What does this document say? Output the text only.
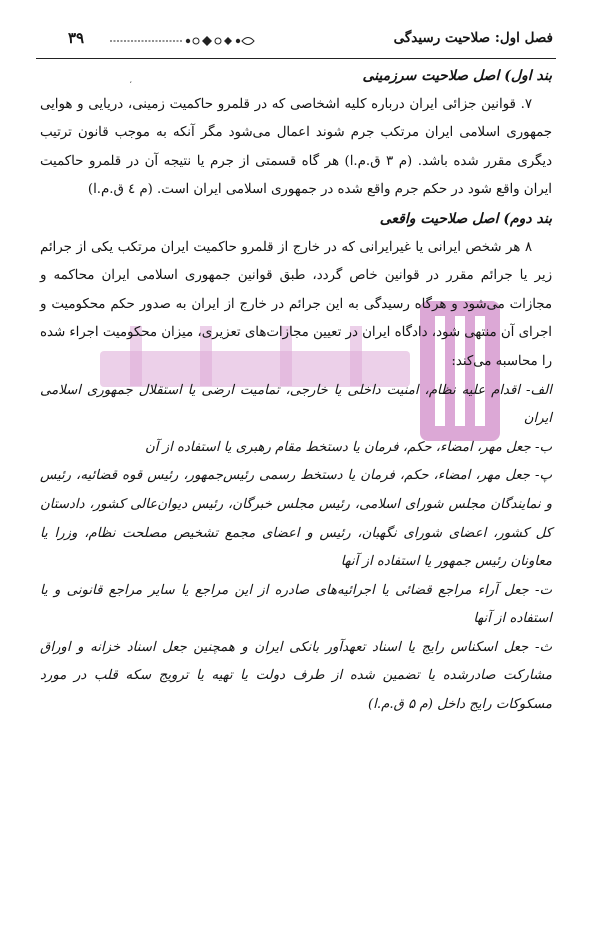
فصل اول: صلاحیت رسیدگی
۳۹
،	بند اول) اصل صلاحیت سرزمینی

۷. قوانین جزائی ایران درباره کلیه اشخاصی که در قلمرو حاکمیت زمینی، دریایی و هوایی جمهوری اسلامی ایران مرتکب جرم شوند اعمال می‌شود مگر آنکه به موجب قانون ترتیب دیگری مقرر شده باشد. (م ۳ ق.م.ا) هر گاه قسمتی از جرم یا نتیجه آن در قلمرو حاکمیت ایران واقع شود در حکم جرم واقع شده در جمهوری اسلامی ایران است. (م ٤ ق.م.ا)

بند دوم) اصل صلاحیت واقعی

۸ هر شخص ایرانی یا غیرایرانی که در خارج از قلمرو حاکمیت ایران مرتکب یکی از جرائم زیر یا جرائم مقرر در قوانین خاص گردد، طبق قوانین جمهوری اسلامی ایران محاکمه و مجازات می‌شود و هرگاه رسیدگی به این جرائم در خارج از ایران به صدور حکم محکومیت و اجرای آن منتهی شود، دادگاه ایران در تعیین مجازات‌های تعزیری، میزان محکومیت اجراء شده را محاسبه می‌کند:

الف- اقدام علیه نظام، امنیت داخلی یا خارجی، تمامیت ارضی یا استقلال جمهوری اسلامی ایران

ب- جعل مهر، امضاء، حکم، فرمان یا دستخط مقام رهبری یا استفاده از آن

پ- جعل مهر، امضاء، حکم، فرمان یا دستخط رسمی رئیس‌جمهور، رئیس قوه قضائیه، رئیس و نمایندگان مجلس شورای اسلامی، رئیس مجلس خبرگان، رئیس دیوان‌عالی کشور، دادستان کل کشور، اعضای شورای نگهبان، رئیس و اعضای مجمع تشخیص مصلحت نظام، وزرا یا معاونان رئیس جمهور یا استفاده از آنها

ت- جعل آراء مراجع قضائی یا اجرائیه‌های صادره از این مراجع یا سایر مراجع قانونی و یا استفاده از آنها

ث- جعل اسکناس رایج یا اسناد تعهدآور بانکی ایران و همچنین جعل اسناد خزانه و اوراق مشارکت صادرشده یا تضمین شده از طرف دولت یا تهیه یا ترویج سکه قلب در مورد مسکوکات رایج داخل (م ۵ ق.م.ا)
